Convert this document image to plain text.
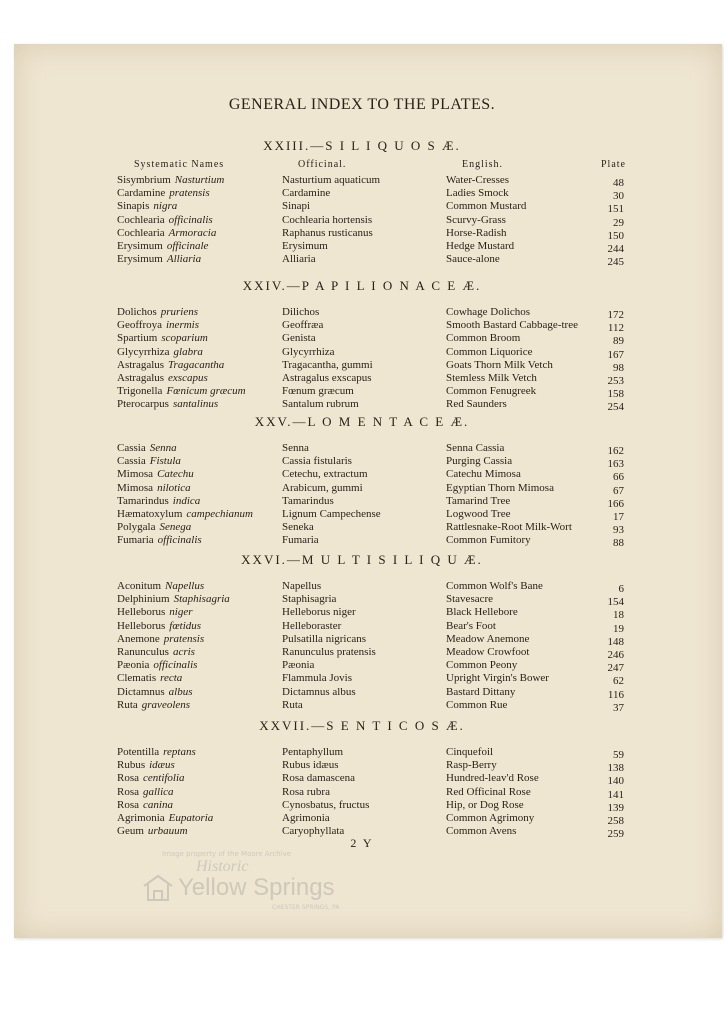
GENERAL INDEX TO THE PLATES.
XXIII.—S I L I Q U O S Æ.
Systematic Names	Officinal.	English.	Plate
Sisymbrium Nasturtium	Nasturtium aquaticum	Water-Cresses	48
Cardamine pratensis	Cardamine	Ladies Smock	30
Sinapis nigra	Sinapi	Common Mustard	151
Cochlearia officinalis	Cochlearia hortensis	Scurvy-Grass	29
Cochlearia Armoracia	Raphanus rusticanus	Horse-Radish	150
Erysimum officinale	Erysimum	Hedge Mustard	244
Erysimum Alliaria	Alliaria	Sauce-alone	245
XXIV.—P A P I L I O N A C E Æ.
Dolichos pruriens	Dilichos	Cowhage Dolichos	172
Geoffroya inermis	Geoffræa	Smooth Bastard Cabbage-tree	112
Spartium scoparium	Genista	Common Broom	89
Glycyrrhiza glabra	Glycyrrhiza	Common Liquorice	167
Astragalus Tragacantha	Tragacantha, gummi	Goats Thorn Milk Vetch	98
Astragalus exscapus	Astragalus exscapus	Stemless Milk Vetch	253
Trigonella Fœnicum græcum	Fœnum græcum	Common Fenugreek	158
Pterocarpus santalinus	Santalum rubrum	Red Saunders	254
XXV.—L O M E N T A C E Æ.
Cassia Senna	Senna	Senna Cassia	162
Cassia Fistula	Cassia fistularis	Purging Cassia	163
Mimosa Catechu	Cetechu, extractum	Catechu Mimosa	66
Mimosa nilotica	Arabicum, gummi	Egyptian Thorn Mimosa	67
Tamarindus indica	Tamarindus	Tamarind Tree	166
Hæmatoxylum campechianum	Lignum Campechense	Logwood Tree	17
Polygala Senega	Seneka	Rattlesnake-Root Milk-Wort	93
Fumaria officinalis	Fumaria	Common Fumitory	88
XXVI.—M U L T I S I L I Q U Æ.
Aconitum Napellus	Napellus	Common Wolf's Bane	6
Delphinium Staphisagria	Staphisagria	Stavesacre	154
Helleborus niger	Helleborus niger	Black Hellebore	18
Helleborus fœtidus	Helleboraster	Bear's Foot	19
Anemone pratensis	Pulsatilla nigricans	Meadow Anemone	148
Ranunculus acris	Ranunculus pratensis	Meadow Crowfoot	246
Pæonia officinalis	Pæonia	Common Peony	247
Clematis recta	Flammula Jovis	Upright Virgin's Bower	62
Dictamnus albus	Dictamnus albus	Bastard Dittany	116
Ruta graveolens	Ruta	Common Rue	37
XXVII.—S E N T I C O S Æ.
Potentilla reptans	Pentaphyllum	Cinquefoil	59
Rubus idæus	Rubus idæus	Rasp-Berry	138
Rosa centifolia	Rosa damascena	Hundred-leav'd Rose	140
Rosa gallica	Rosa rubra	Red Officinal Rose	141
Rosa canina	Cynosbatus, fructus	Hip, or Dog Rose	139
Agrimonia Eupatoria	Agrimonia	Common Agrimony	258
Geum urbauum	Caryophyllata	Common Avens	259
2 Y
Image property of the Moore Archive
Historic
Yellow Springs
CHESTER SPRINGS, PA
